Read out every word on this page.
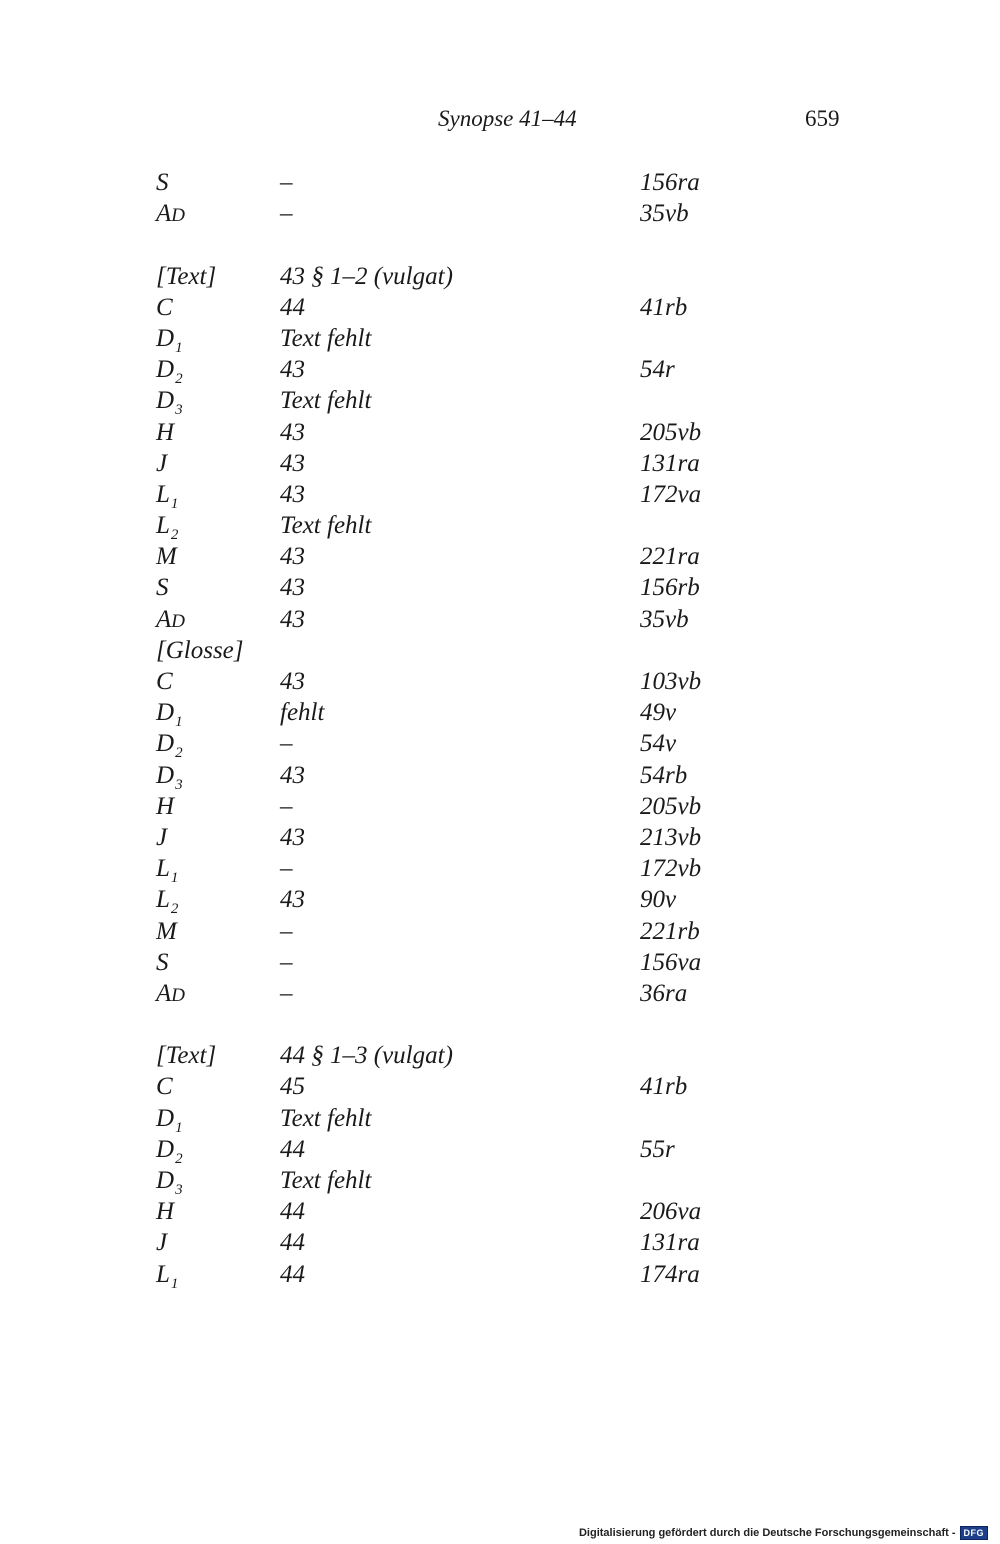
Synopse 41–44	659
S	–	156ra
AD	–	35vb
[Text]	43 § 1–2 (vulgat)
C	44	41rb
$D_1$	Text fehlt
$D_2$	43	54r
$D_3$	Text fehlt
H	43	205vb
J	43	131ra
$L_1$	43	172va
$L_2$	Text fehlt
M	43	221ra
S	43	156rb
AD	43	35vb
[Glosse]
C	43	103vb
$D_1$	fehlt	49v
$D_2$	–	54v
$D_3$	43	54rb
H	–	205vb
J	43	213vb
$L_1$	–	172vb
$L_2$	43	90v
M	–	221rb
S	–	156va
AD	–	36ra
[Text]	44 § 1–3 (vulgat)
C	45	41rb
$D_1$	Text fehlt
$D_2$	44	55r
$D_3$	Text fehlt
H	44	206va
J	44	131ra
$L_1$	44	174ra
Digitalisierung gefördert durch die Deutsche Forschungsgemeinschaft - DFG
